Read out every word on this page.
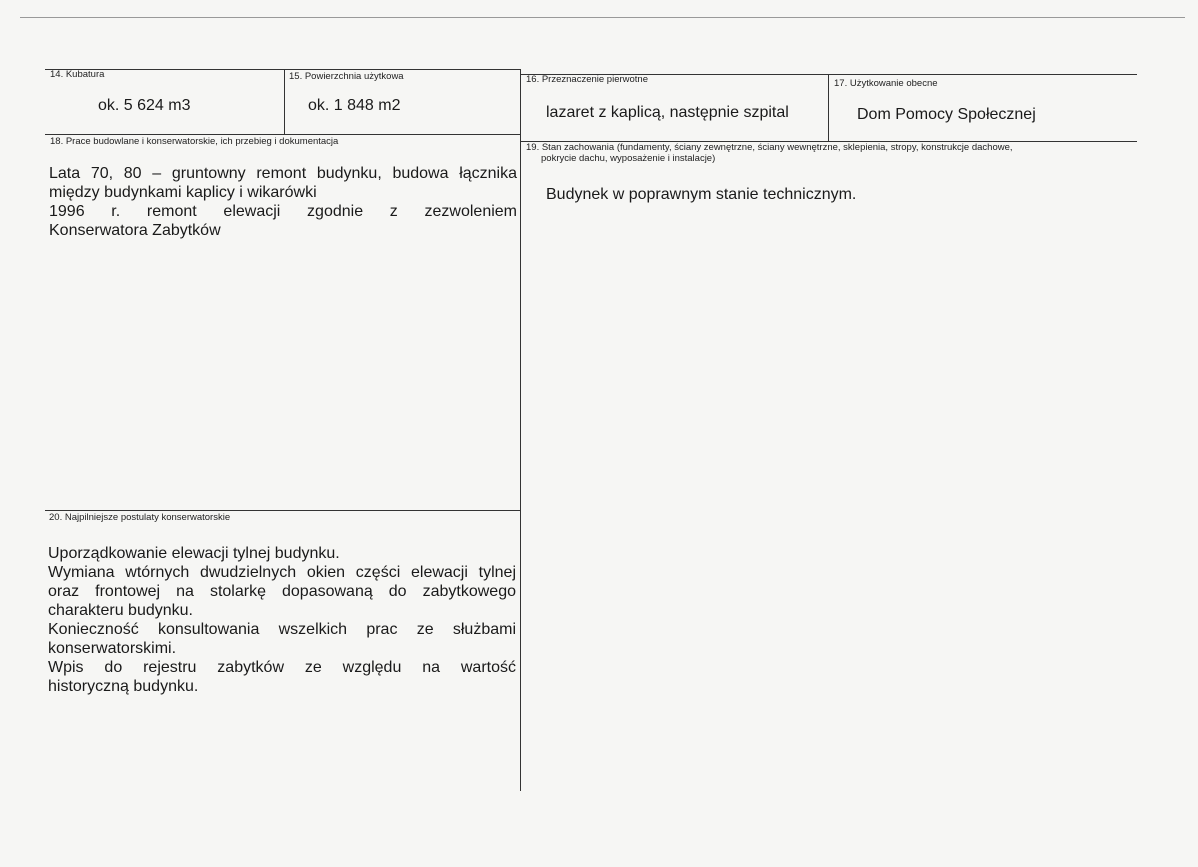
14. Kubatura
ok. 5 624 m3
15. Powierzchnia użytkowa
ok. 1 848 m2
16. Przeznaczenie pierwotne
lazaret z kaplicą, następnie szpital
17. Użytkowanie obecne
Dom Pomocy Społecznej
18. Prace budowlane i konserwatorskie, ich przebieg i dokumentacja
Lata 70, 80 – gruntowny remont budynku, budowa łącznika
między budynkami kaplicy i wikarówki
1996 r. remont elewacji zgodnie z zezwoleniem
Konserwatora Zabytków
19. Stan zachowania (fundamenty, ściany zewnętrzne, ściany wewnętrzne, sklepienia, stropy, konstrukcje dachowe,
pokrycie dachu, wyposażenie i instalacje)
Budynek w poprawnym stanie technicznym.
20. Najpilniejsze postulaty konserwatorskie
Uporządkowanie elewacji tylnej budynku.
Wymiana wtórnych dwudzielnych okien części elewacji tylnej
oraz frontowej na stolarkę dopasowaną do zabytkowego
charakteru budynku.
Konieczność konsultowania wszelkich prac ze służbami
konserwatorskimi.
Wpis do rejestru zabytków ze względu na wartość
historyczną budynku.
